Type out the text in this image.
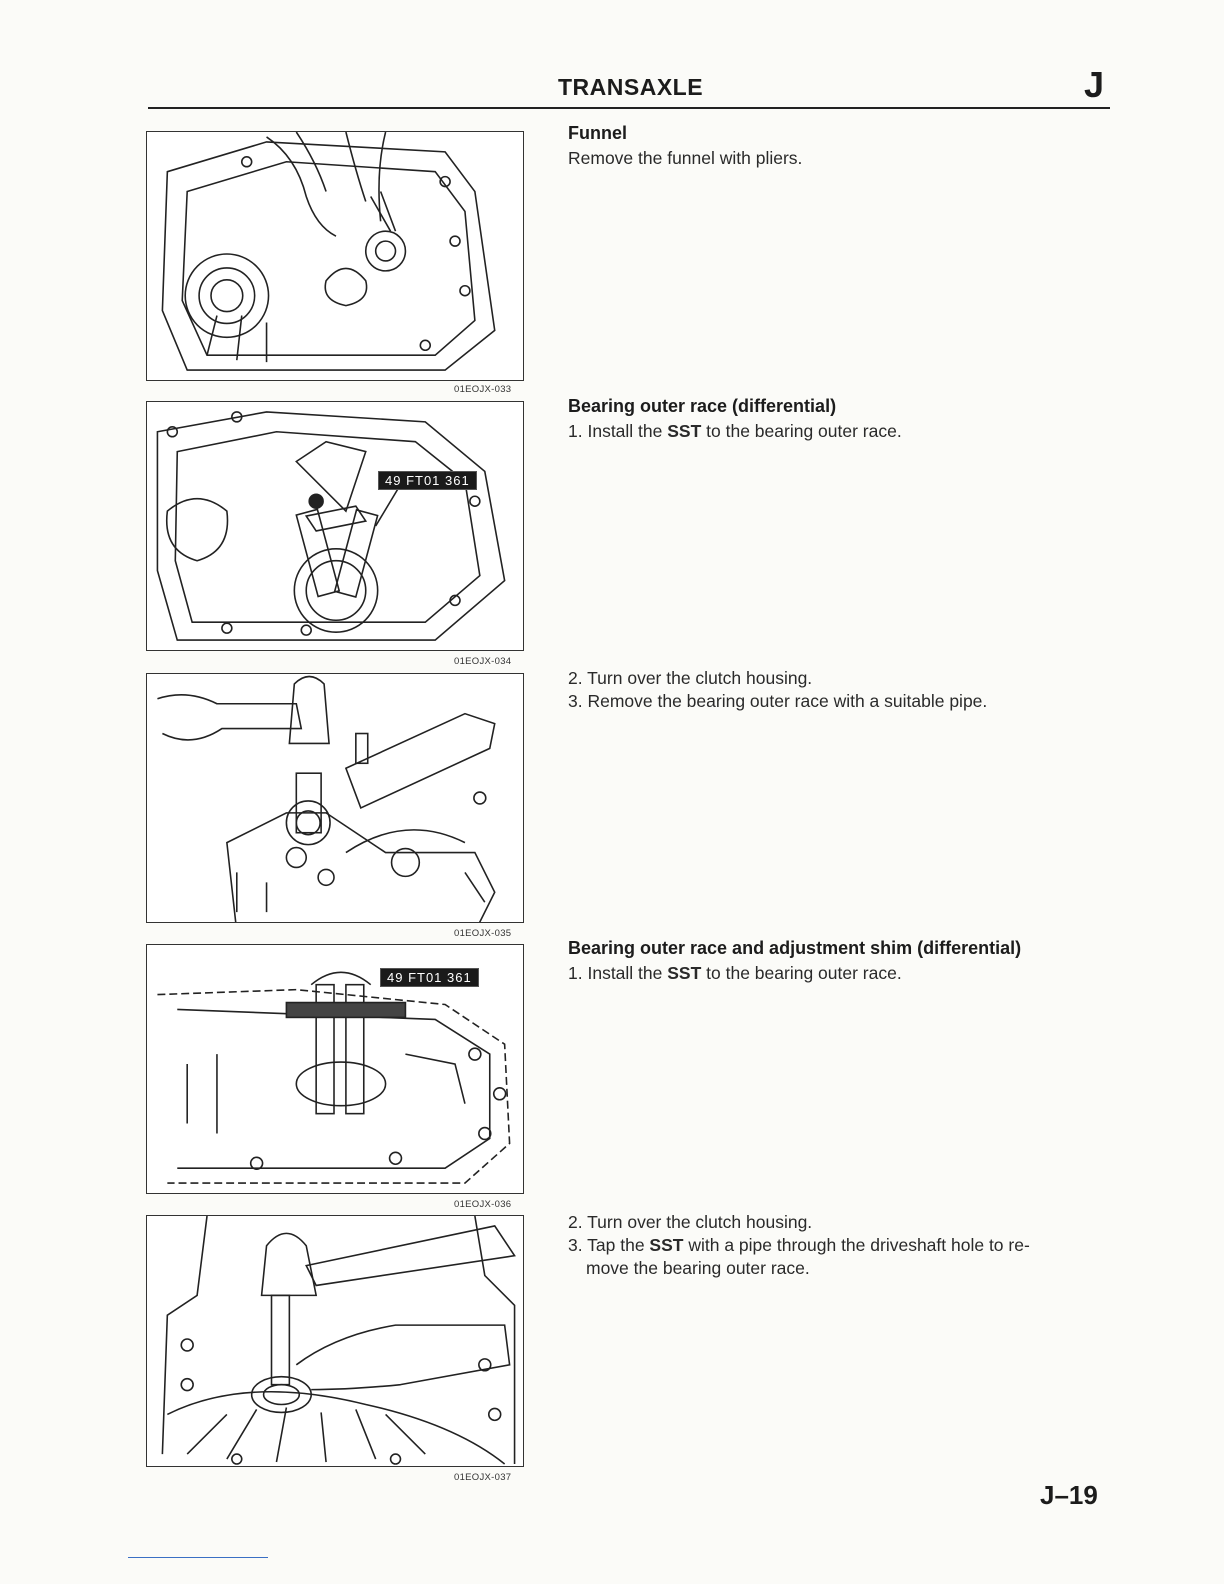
TRANSAXLE	J
01EOJX-033
49 FT01 361
01EOJX-034
01EOJX-035
49 FT01 361
01EOJX-036
01EOJX-037
Funnel
Remove the funnel with pliers.
Bearing outer race (differential)
1. Install the SST to the bearing outer race.
2. Turn over the clutch housing.
3. Remove the bearing outer race with a suitable pipe.
Bearing outer race and adjustment shim (differential)
1. Install the SST to the bearing outer race.
2. Turn over the clutch housing.
3. Tap the SST with a pipe through the driveshaft hole to re-
move the bearing outer race.
J–19
